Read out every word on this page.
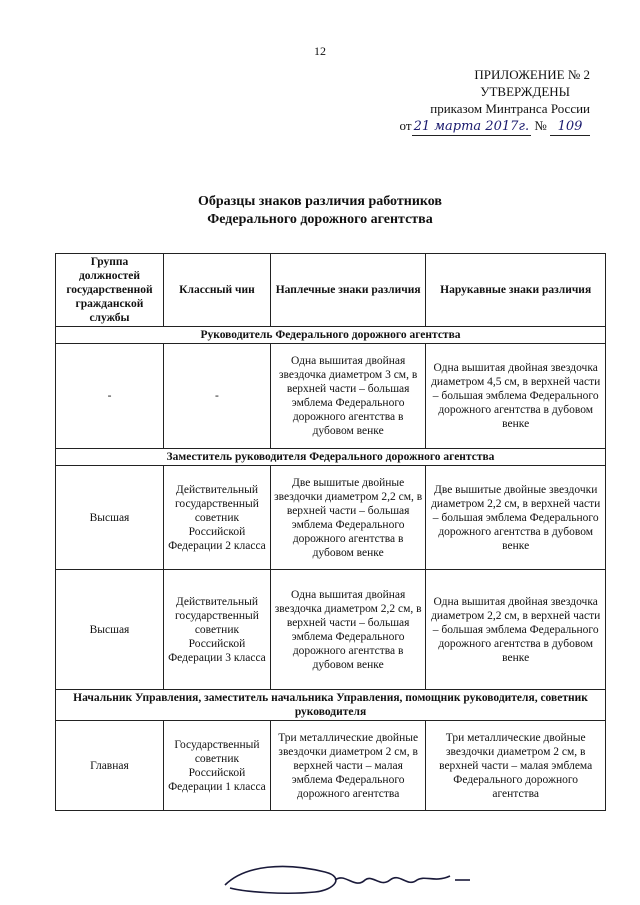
12
ПРИЛОЖЕНИЕ № 2
УТВЕРЖДЕНЫ
приказом Минтранса России
от 21 марта 2017г. № 109
Образцы знаков различия работников
Федерального дорожного агентства
Группа должностей государственной гражданской службы	Классный чин	Наплечные знаки различия	Нарукавные знаки различия
Руководитель Федерального дорожного агентства			
-	-	Одна вышитая двойная звездочка диаметром 3 см, в верхней части – большая эмблема Федерального дорожного агентства в дубовом венке	Одна вышитая двойная звездочка диаметром 4,5 см, в верхней части – большая эмблема Федерального дорожного агентства в дубовом венке
Заместитель руководителя Федерального дорожного агентства			
Высшая	Действительный государственный советник Российской Федерации 2 класса	Две вышитые двойные звездочки диаметром 2,2 см, в верхней части – большая эмблема Федерального дорожного агентства в дубовом венке	Две вышитые двойные звездочки диаметром 2,2 см, в верхней части – большая эмблема Федерального дорожного агентства в дубовом венке
Высшая	Действительный государственный советник Российской Федерации 3 класса	Одна вышитая двойная звездочка диаметром 2,2 см, в верхней части – большая эмблема Федерального дорожного агентства в дубовом венке	Одна вышитая двойная звездочка диаметром 2,2 см, в верхней части – большая эмблема Федерального дорожного агентства в дубовом венке
Начальник Управления, заместитель начальника Управления, помощник руководителя, советник руководителя			
Главная	Государственный советник Российской Федерации 1 класса	Три металлические двойные звездочки диаметром 2 см, в верхней части – малая эмблема Федерального дорожного агентства	Три металлические двойные звездочки диаметром 2 см, в верхней части – малая эмблема Федерального дорожного агентства
